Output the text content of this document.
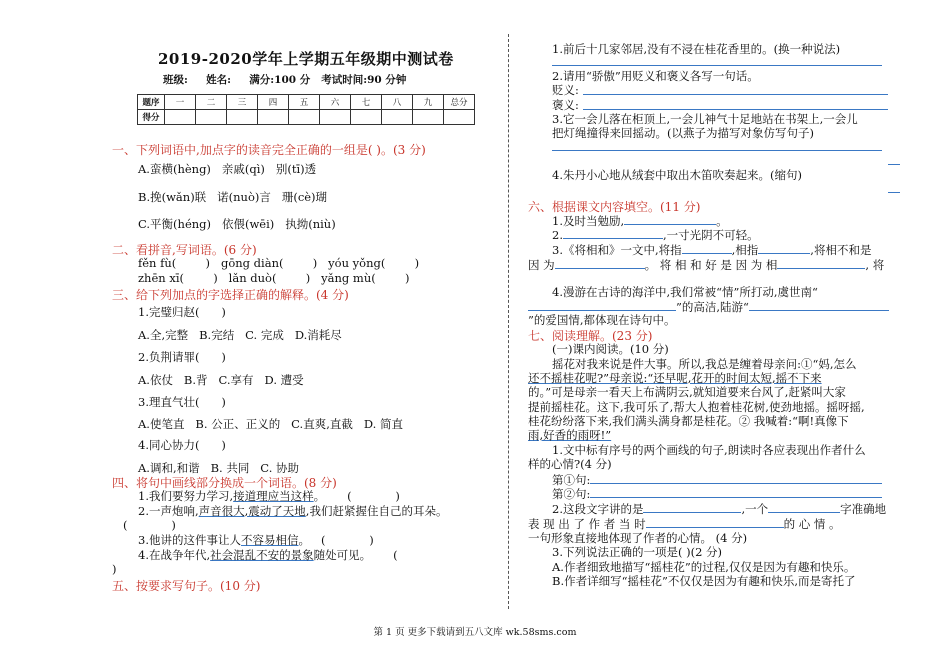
2019-2020学年上学期五年级期中测试卷
班级:     姓名:     满分:100 分   考试时间:90 分钟
题序	一	二	三	四	五	六	七	八	九	总分
得分										
一、下列词语中,加点字的读音完全正确的一组是( )。(3 分)
A.蛮横(hèng)   亲戚(qì)   别(tī)透
B.挽(wǎn)联   诺(nuò)言   珊(cè)瑚
C.平衡(héng)   依偎(wēi)   执拗(niù)
二、看拼音,写词语。(6 分)
fěn fù(        )   gōng diàn(        )   yóu yǒng(        )
zhēn xī(        )   lǎn duò(        )   yǎng mù(        )
三、给下列加点的字选择正确的解释。(4 分)
1.完璧归赵(      )
A.全,完整   B.完结   C. 完成   D.消耗尽
2.负荆请罪(      )
A.依仗   B.背   C.享有   D. 遭受
3.理直气壮(      )
A.使笔直   B. 公正、正义的   C.直爽,直截   D. 简直
4.同心协力(      )
A.调和,和谐   B. 共同   C. 协助
四、将句中画线部分换成一个词语。(8 分)
1.我们要努力学习,接道理应当这样。      (            )
2.一声炮响,声音很大,震动了天地,我们赶紧握住自己的耳朵。
(            )
3.他讲的这件事让人不容易相信。   (            )
4.在战争年代,社会混乱不安的景象随处可见。      (
)
五、按要求写句子。(10 分)
1.前后十几家邻居,没有不浸在桂花香里的。(换一种说法)
2.请用“骄傲”用贬义和褒义各写一句话。
贬义:
褒义:
3.它一会儿落在柜顶上,一会儿神气十足地站在书架上,一会儿
把灯绳撞得来回摇动。(以燕子为描写对象仿写句子)
4.朱丹小心地从绒套中取出木笛吹奏起来。(缩句)
六、根据课文内容填空。(11 分)
1.及时当勉励,	。
2.	,一寸光阴不可轻。
3.《将相和》一文中,将指	,相指	,将相不和是
因 为	。 将 相 和 好 是 因 为 相	, 将
4.漫游在古诗的海洋中,我们常被“情”所打动,虞世南“
”的高洁,陆游“
”的爱国情,都体现在诗句中。
七、阅读理解。(23 分)
(一)课内阅读。(10 分)
摇花对我来说是件大事。所以,我总是缠着母亲问:①“妈,怎么
还不摇桂花呢?”母亲说:“还早呢,花开的时间太短,摇不下来
的。”可是母亲一看天上布满阴云,就知道要来台风了,赶紧叫大家
提前摇桂花。这下,我可乐了,帮大人抱着桂花树,使劲地摇。摇呀摇,
桂花纷纷落下来,我们满头满身都是桂花。② 我喊着:“啊!真像下
雨,好香的雨呀!”
1.文中标有序号的两个画线的句子,朗读时各应表现出作者什么
样的心情?(4 分)
第①句:
第②句:
2.这段文字讲的是	,一个	字准确地
表 现 出 了 作 者 当 时	的 心 情 。
一句形象直接地体现了作者的心情。 (4 分)
3.下列说法正确的一项是( )(2 分)
A.作者细致地描写“摇桂花”的过程,仅仅是因为有趣和快乐。
B.作者详细写“摇桂花”不仅仅是因为有趣和快乐,而是寄托了
第 1 页 更多下载请到五八文库 wk.58sms.com
